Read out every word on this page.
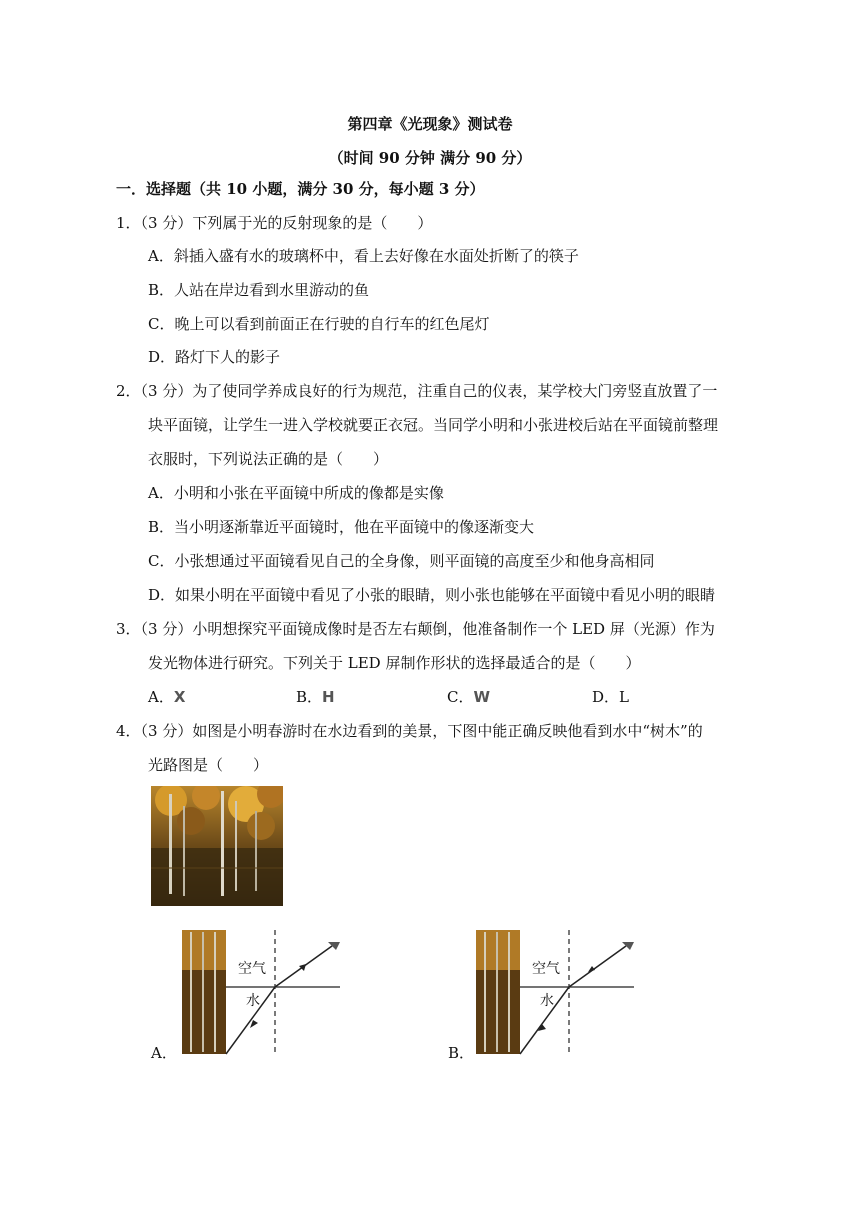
第四章《光现象》测试卷
（时间 90 分钟 满分 90 分）
一．选择题（共 10 小题，满分 30 分，每小题 3 分）
1．（3 分）下列属于光的反射现象的是（　　）
A．斜插入盛有水的玻璃杯中，看上去好像在水面处折断了的筷子
B．人站在岸边看到水里游动的鱼
C．晚上可以看到前面正在行驶的自行车的红色尾灯
D．路灯下人的影子
2．（3 分）为了使同学养成良好的行为规范，注重自己的仪表，某学校大门旁竖直放置了一
块平面镜，让学生一进入学校就要正衣冠。当同学小明和小张进校后站在平面镜前整理
衣服时，下列说法正确的是（　　）
A．小明和小张在平面镜中所成的像都是实像
B．当小明逐渐靠近平面镜时，他在平面镜中的像逐渐变大
C．小张想通过平面镜看见自己的全身像，则平面镜的高度至少和他身高相同
D．如果小明在平面镜中看见了小张的眼睛，则小张也能够在平面镜中看见小明的眼睛
3．（3 分）小明想探究平面镜成像时是否左右颠倒，他准备制作一个 LED 屏（光源）作为
发光物体进行研究。下列关于 LED 屏制作形状的选择最适合的是（　　）
A．X	B．H	C．W	D．L
4．（3 分）如图是小明春游时在水边看到的美景，下图中能正确反映他看到水中“树木”的
光路图是（　　）
空气
水
A．
空气
水
B．
